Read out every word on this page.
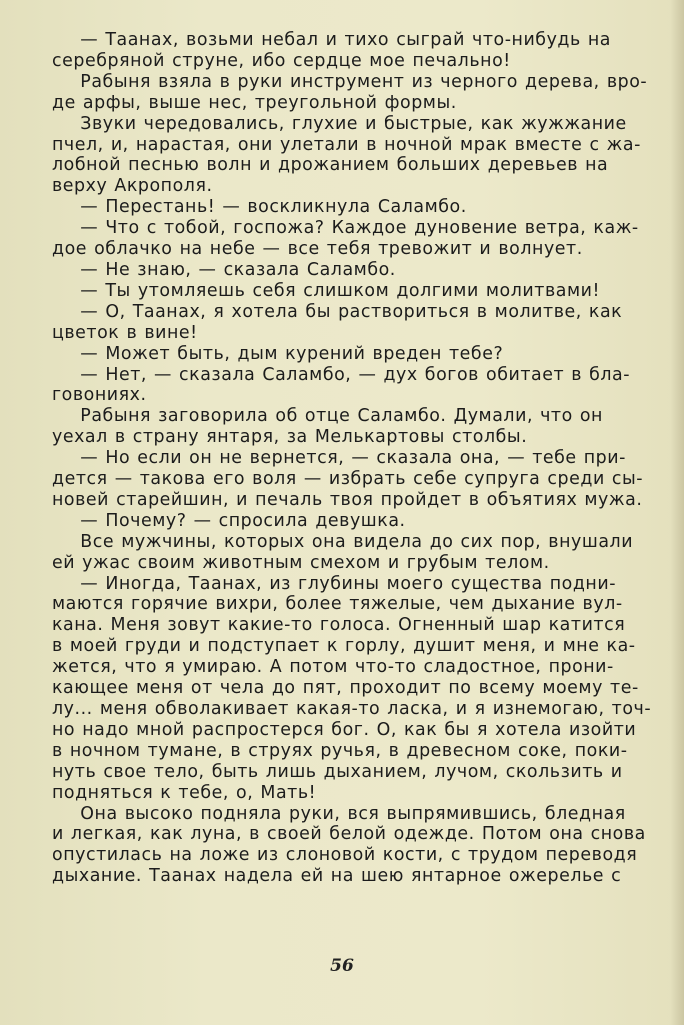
— Таанах, возьми небал и тихо сыграй что-нибудь на
серебряной струне, ибо сердце мое печально!
Рабыня взяла в руки инструмент из черного дерева, вро-
де арфы, выше нес, треугольной формы.
Звуки чередовались, глухие и быстрые, как жужжание
пчел, и, нарастая, они улетали в ночной мрак вместе с жа-
лобной песнью волн и дрожанием больших деревьев на
верху Акрополя.
— Перестань! — воскликнула Саламбо.
— Что с тобой, госпожа? Каждое дуновение ветра, каж-
дое облачко на небе — все тебя тревожит и волнует.
— Не знаю, — сказала Саламбо.
— Ты утомляешь себя слишком долгими молитвами!
— О, Таанах, я хотела бы раствориться в молитве, как
цветок в вине!
— Может быть, дым курений вреден тебе?
— Нет, — сказала Саламбо, — дух богов обитает в бла-
говониях.
Рабыня заговорила об отце Саламбо. Думали, что он
уехал в страну янтаря, за Мелькартовы столбы.
— Но если он не вернется, — сказала она, — тебе при-
дется — такова его воля — избрать себе супруга среди сы-
новей старейшин, и печаль твоя пройдет в объятиях мужа.
— Почему? — спросила девушка.
Все мужчины, которых она видела до сих пор, внушали
ей ужас своим животным смехом и грубым телом.
— Иногда, Таанах, из глубины моего существа подни-
маются горячие вихри, более тяжелые, чем дыхание вул-
кана. Меня зовут какие-то голоса. Огненный шар катится
в моей груди и подступает к горлу, душит меня, и мне ка-
жется, что я умираю. А потом что-то сладостное, прони-
кающее меня от чела до пят, проходит по всему моему те-
лу... меня обволакивает какая-то ласка, и я изнемогаю, точ-
но надо мной распростерся бог. О, как бы я хотела изойти
в ночном тумане, в струях ручья, в древесном соке, поки-
нуть свое тело, быть лишь дыханием, лучом, скользить и
подняться к тебе, о, Мать!
Она высоко подняла руки, вся выпрямившись, бледная
и легкая, как луна, в своей белой одежде. Потом она снова
опустилась на ложе из слоновой кости, с трудом переводя
дыхание. Таанах надела ей на шею янтарное ожерелье с
56
